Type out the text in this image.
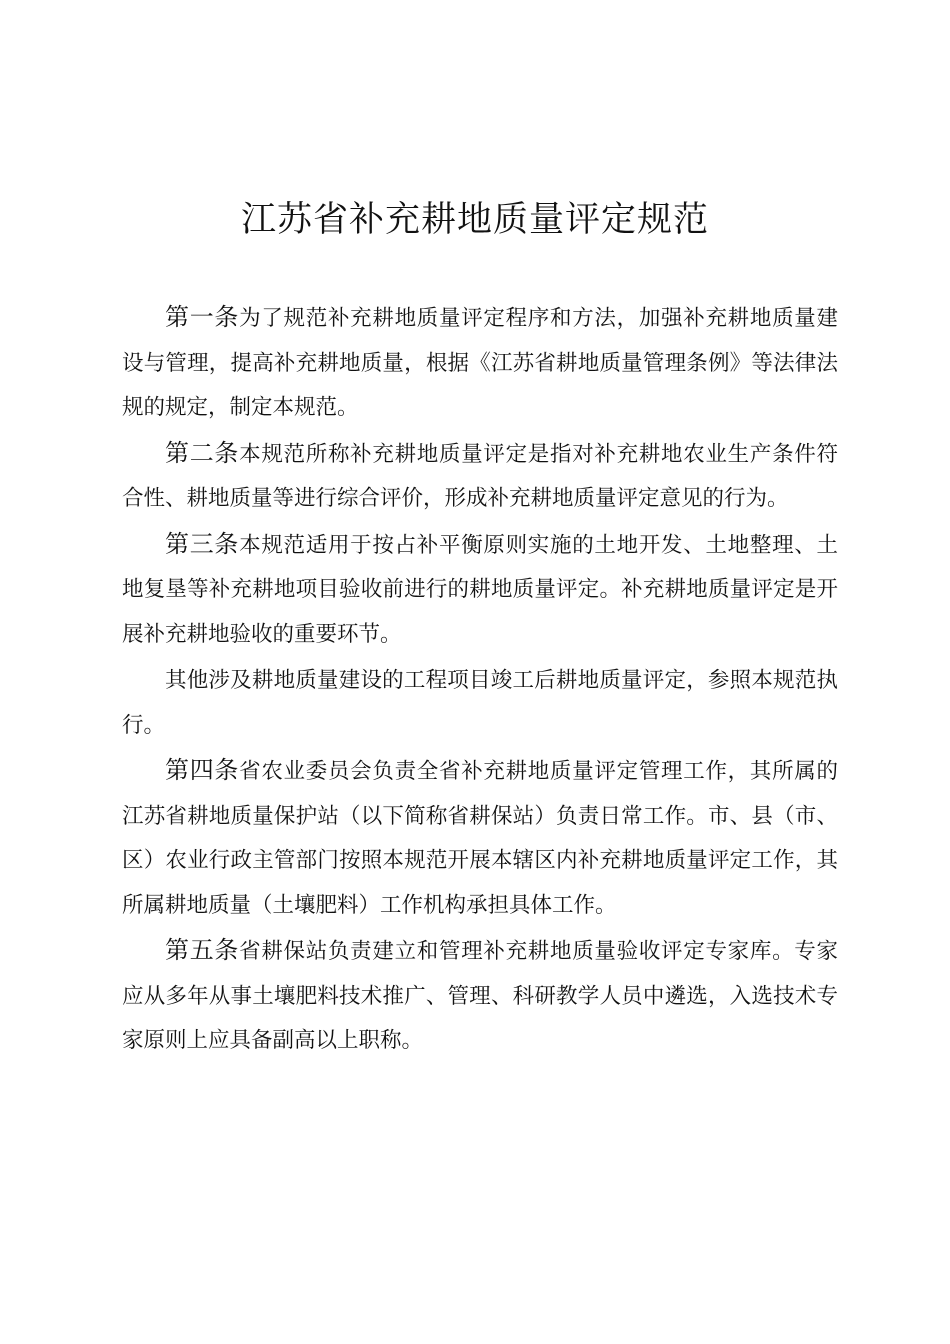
江苏省补充耕地质量评定规范

第一条为了规范补充耕地质量评定程序和方法，加强补充耕地质量建设与管理，提高补充耕地质量，根据《江苏省耕地质量管理条例》等法律法规的规定，制定本规范。

第二条本规范所称补充耕地质量评定是指对补充耕地农业生产条件符合性、耕地质量等进行综合评价，形成补充耕地质量评定意见的行为。

第三条本规范适用于按占补平衡原则实施的土地开发、土地整理、土地复垦等补充耕地项目验收前进行的耕地质量评定。补充耕地质量评定是开展补充耕地验收的重要环节。

其他涉及耕地质量建设的工程项目竣工后耕地质量评定，参照本规范执行。

第四条省农业委员会负责全省补充耕地质量评定管理工作，其所属的江苏省耕地质量保护站（以下简称省耕保站）负责日常工作。市、县（市、区）农业行政主管部门按照本规范开展本辖区内补充耕地质量评定工作，其所属耕地质量（土壤肥料）工作机构承担具体工作。

第五条省耕保站负责建立和管理补充耕地质量验收评定专家库。专家应从多年从事土壤肥料技术推广、管理、科研教学人员中遴选，入选技术专家原则上应具备副高以上职称。
